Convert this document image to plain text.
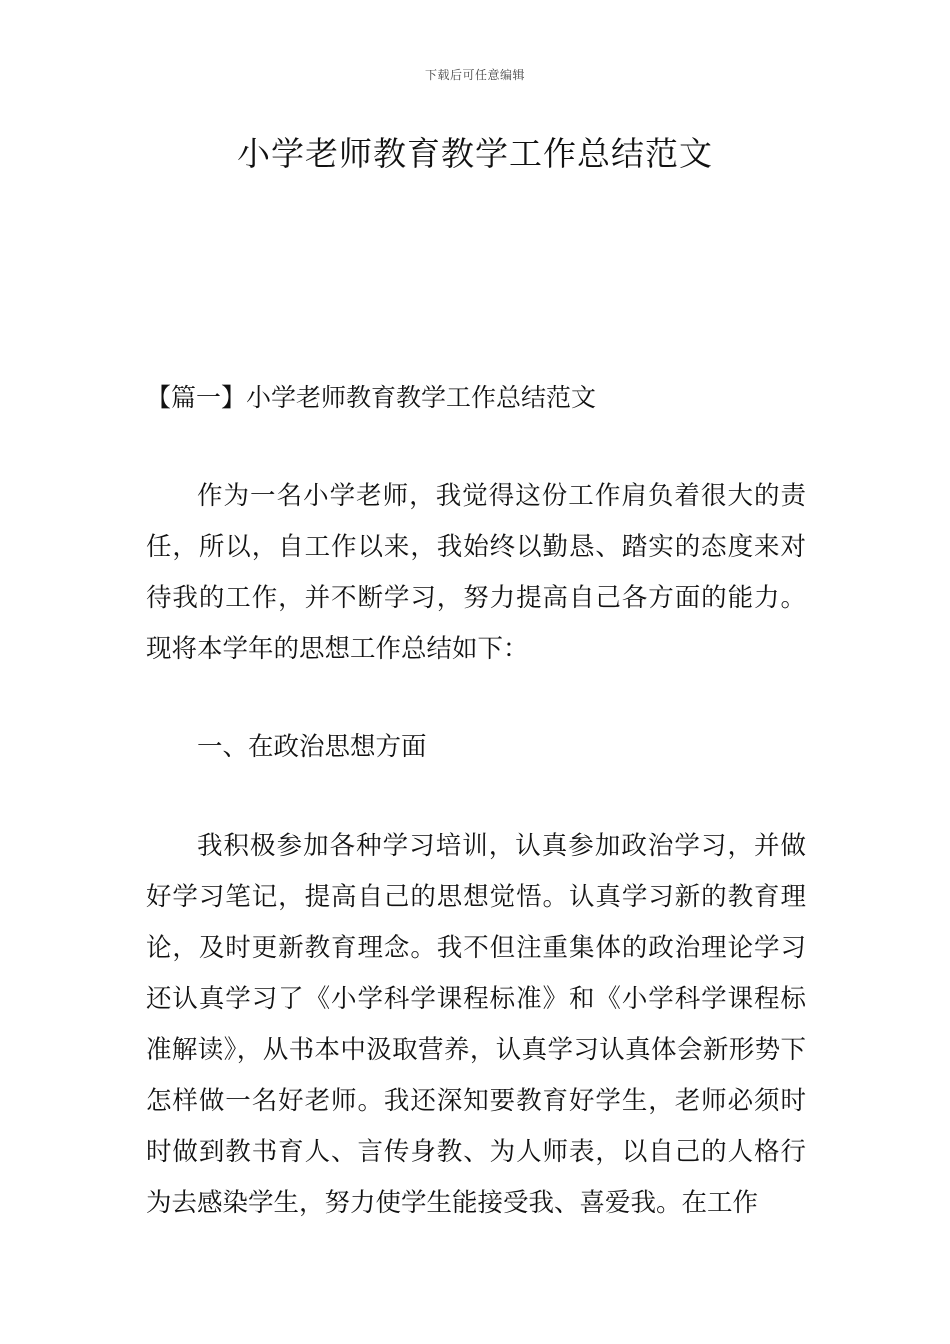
下载后可任意编辑
小学老师教育教学工作总结范文
【篇一】小学老师教育教学工作总结范文

作为一名小学老师，我觉得这份工作肩负着很大的责任，所以，自工作以来，我始终以勤恳、踏实的态度来对待我的工作，并不断学习，努力提高自己各方面的能力。现将本学年的思想工作总结如下：

一、在政治思想方面

我积极参加各种学习培训，认真参加政治学习，并做好学习笔记，提高自己的思想觉悟。认真学习新的教育理论，及时更新教育理念。我不但注重集体的政治理论学习还认真学习了《小学科学课程标准》和《小学科学课程标准解读》，从书本中汲取营养，认真学习认真体会新形势下怎样做一名好老师。我还深知要教育好学生，老师必须时时做到教书育人、言传身教、为人师表，以自己的人格行为去感染学生，努力使学生能接受我、喜爱我。在工作
